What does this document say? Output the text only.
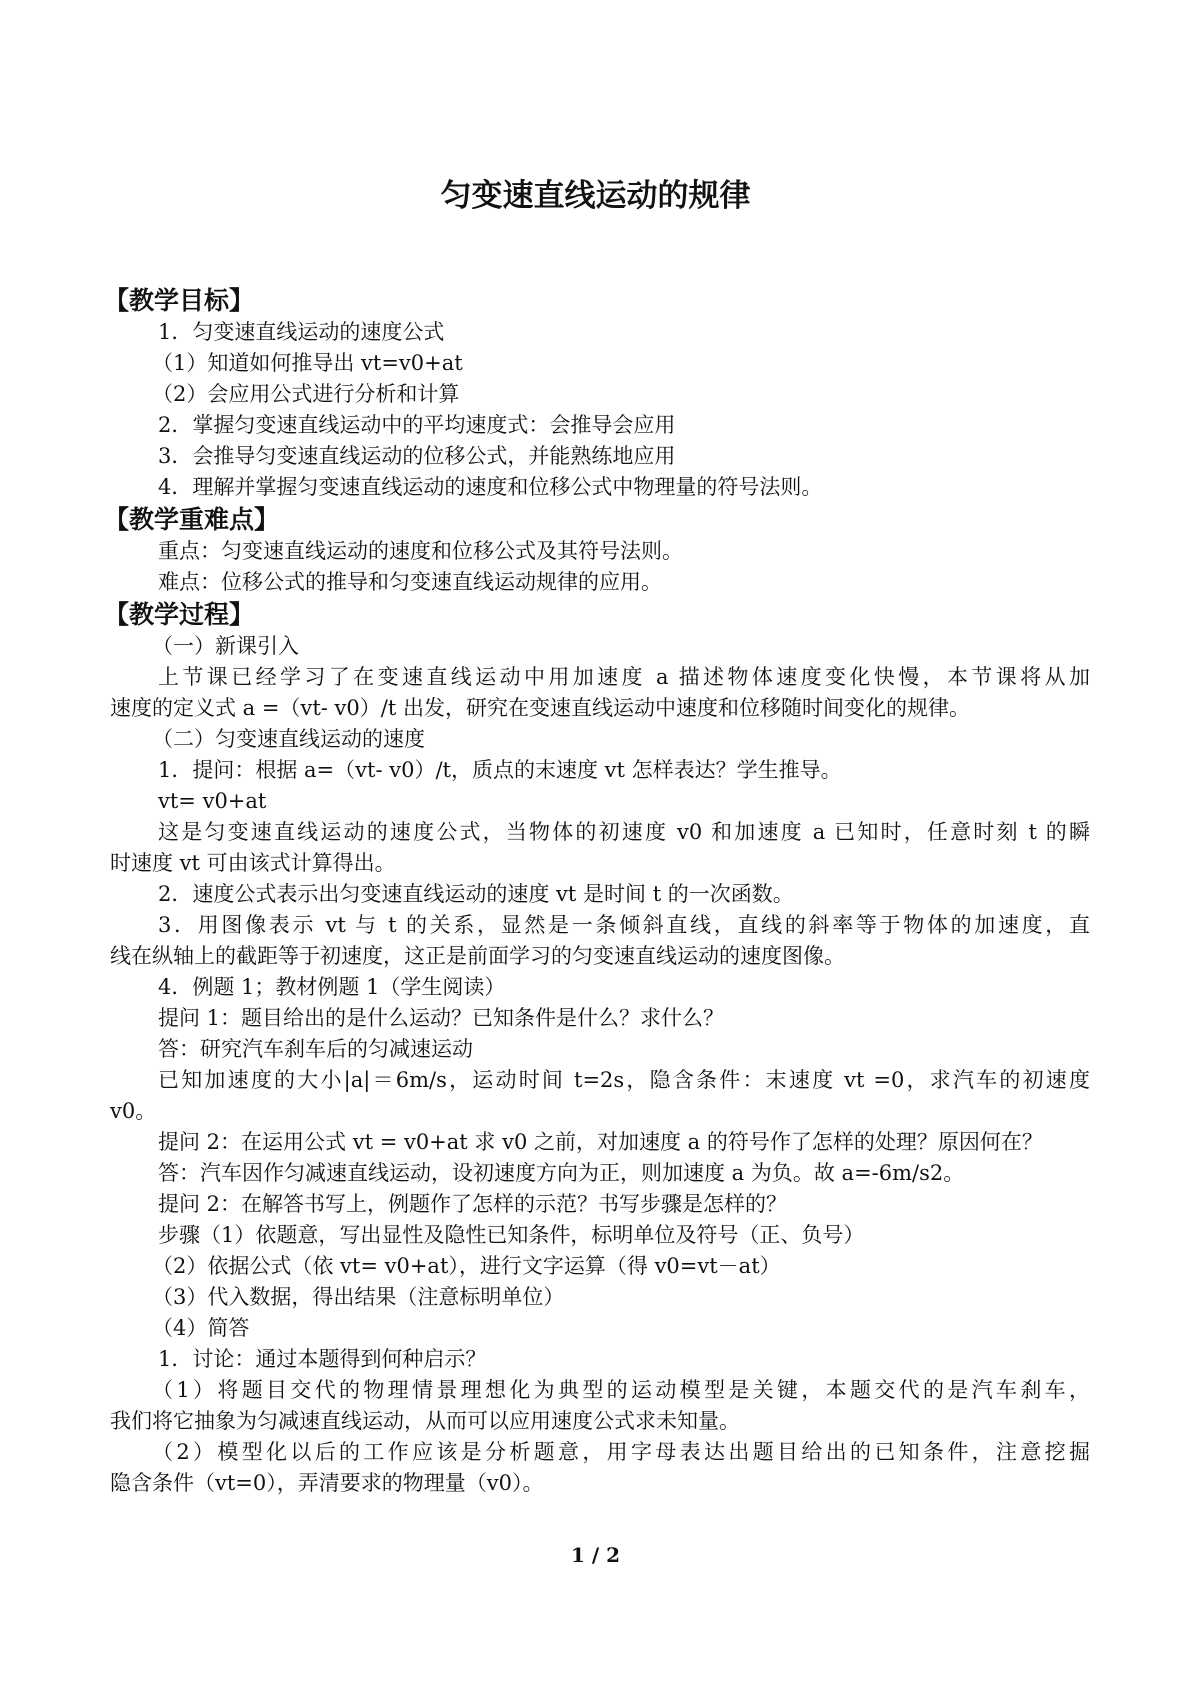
匀变速直线运动的规律
【教学目标】
1．匀变速直线运动的速度公式
（1）知道如何推导出 vt=v0+at
（2）会应用公式进行分析和计算
2．掌握匀变速直线运动中的平均速度式：会推导会应用
3．会推导匀变速直线运动的位移公式，并能熟练地应用
4．理解并掌握匀变速直线运动的速度和位移公式中物理量的符号法则。
【教学重难点】
重点：匀变速直线运动的速度和位移公式及其符号法则。
难点：位移公式的推导和匀变速直线运动规律的应用。
【教学过程】
（一）新课引入
上节课已经学习了在变速直线运动中用加速度 a 描述物体速度变化快慢，本节课将从加
速度的定义式 a =（vt- v0）/t 出发，研究在变速直线运动中速度和位移随时间变化的规律。
（二）匀变速直线运动的速度
1．提问：根据 a=（vt- v0）/t，质点的末速度 vt 怎样表达？学生推导。
vt= v0+at
这是匀变速直线运动的速度公式，当物体的初速度 v0 和加速度 a 已知时，任意时刻 t 的瞬
时速度 vt 可由该式计算得出。
2．速度公式表示出匀变速直线运动的速度 vt 是时间 t 的一次函数。
3．用图像表示 vt 与 t 的关系，显然是一条倾斜直线，直线的斜率等于物体的加速度，直
线在纵轴上的截距等于初速度，这正是前面学习的匀变速直线运动的速度图像。
4．例题 1；教材例题 1（学生阅读）
提问 1：题目给出的是什么运动？已知条件是什么？求什么？
答：研究汽车刹车后的匀减速运动
已知加速度的大小|a|＝6m/s，运动时间 t=2s，隐含条件：末速度 vt =0，求汽车的初速度
v0。
提问 2：在运用公式 vt = v0+at 求 v0 之前，对加速度 a 的符号作了怎样的处理？原因何在？
答：汽车因作匀减速直线运动，设初速度方向为正，则加速度 a 为负。故 a=-6m/s2。
提问 2：在解答书写上，例题作了怎样的示范？书写步骤是怎样的？
步骤（1）依题意，写出显性及隐性已知条件，标明单位及符号（正、负号）
（2）依据公式（依 vt= v0+at），进行文字运算（得 v0=vt－at）
（3）代入数据，得出结果（注意标明单位）
（4）简答
1．讨论：通过本题得到何种启示？
（1）将题目交代的物理情景理想化为典型的运动模型是关键，本题交代的是汽车刹车，
我们将它抽象为匀减速直线运动，从而可以应用速度公式求未知量。
（2）模型化以后的工作应该是分析题意，用字母表达出题目给出的已知条件，注意挖掘
隐含条件（vt=0），弄清要求的物理量（v0）。
1 / 2
